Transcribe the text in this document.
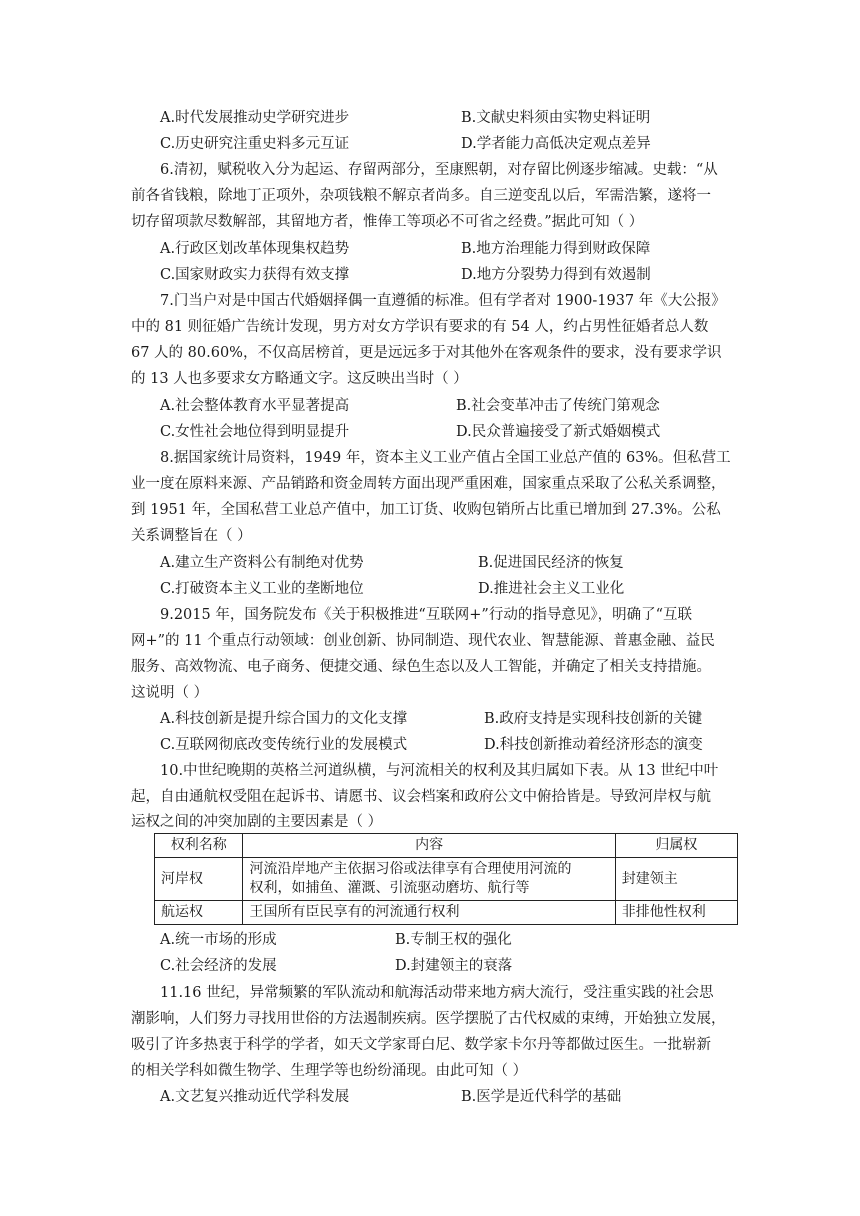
A.时代发展推动史学研究进步	B.文献史料须由实物史料证明
C.历史研究注重史料多元互证	D.学者能力高低决定观点差异
6.清初，赋税收入分为起运、存留两部分，至康熙朝，对存留比例逐步缩减。史载：“从
前各省钱粮，除地丁正项外，杂项钱粮不解京者尚多。自三逆变乱以后，军需浩繁，遂将一
切存留项款尽数解部，其留地方者，惟俸工等项必不可省之经费。”据此可知（ ）
A.行政区划改革体现集权趋势	B.地方治理能力得到财政保障
C.国家财政实力获得有效支撑	D.地方分裂势力得到有效遏制
7.门当户对是中国古代婚姻择偶一直遵循的标准。但有学者对 1900-1937 年《大公报》
中的 81 则征婚广告统计发现，男方对女方学识有要求的有 54 人，约占男性征婚者总人数
67 人的 80.60%，不仅高居榜首，更是远远多于对其他外在客观条件的要求，没有要求学识
的 13 人也多要求女方略通文字。这反映出当时（ ）
A.社会整体教育水平显著提高	B.社会变革冲击了传统门第观念
C.女性社会地位得到明显提升	D.民众普遍接受了新式婚姻模式
8.据国家统计局资料，1949 年，资本主义工业产值占全国工业总产值的 63%。但私营工
业一度在原料来源、产品销路和资金周转方面出现严重困难，国家重点采取了公私关系调整，
到 1951 年，全国私营工业总产值中，加工订货、收购包销所占比重已增加到 27.3%。公私
关系调整旨在（ ）
A.建立生产资料公有制绝对优势	B.促进国民经济的恢复
C.打破资本主义工业的垄断地位	D.推进社会主义工业化
9.2015 年，国务院发布《关于积极推进“互联网+”行动的指导意见》，明确了“互联
网+”的 11 个重点行动领域：创业创新、协同制造、现代农业、智慧能源、普惠金融、益民
服务、高效物流、电子商务、便捷交通、绿色生态以及人工智能，并确定了相关支持措施。
这说明（ ）
A.科技创新是提升综合国力的文化支撑	B.政府支持是实现科技创新的关键
C.互联网彻底改变传统行业的发展模式	D.科技创新推动着经济形态的演变
10.中世纪晚期的英格兰河道纵横，与河流相关的权利及其归属如下表。从 13 世纪中叶
起，自由通航权受阻在起诉书、请愿书、议会档案和政府公文中俯拾皆是。导致河岸权与航
运权之间的冲突加剧的主要因素是（ ）
权利名称	内容	归属权
河岸权	河流沿岸地产主依据习俗或法律享有合理使用河流的
权利，如捕鱼、灌溉、引流驱动磨坊、航行等	封建领主
航运权	王国所有臣民享有的河流通行权利	非排他性权利
A.统一市场的形成	B.专制王权的强化
C.社会经济的发展	D.封建领主的衰落
11.16 世纪，异常频繁的军队流动和航海活动带来地方病大流行，受注重实践的社会思
潮影响，人们努力寻找用世俗的方法遏制疾病。医学摆脱了古代权威的束缚，开始独立发展，
吸引了许多热衷于科学的学者，如天文学家哥白尼、数学家卡尔丹等都做过医生。一批崭新
的相关学科如微生物学、生理学等也纷纷涌现。由此可知（ ）
A.文艺复兴推动近代学科发展	B.医学是近代科学的基础
